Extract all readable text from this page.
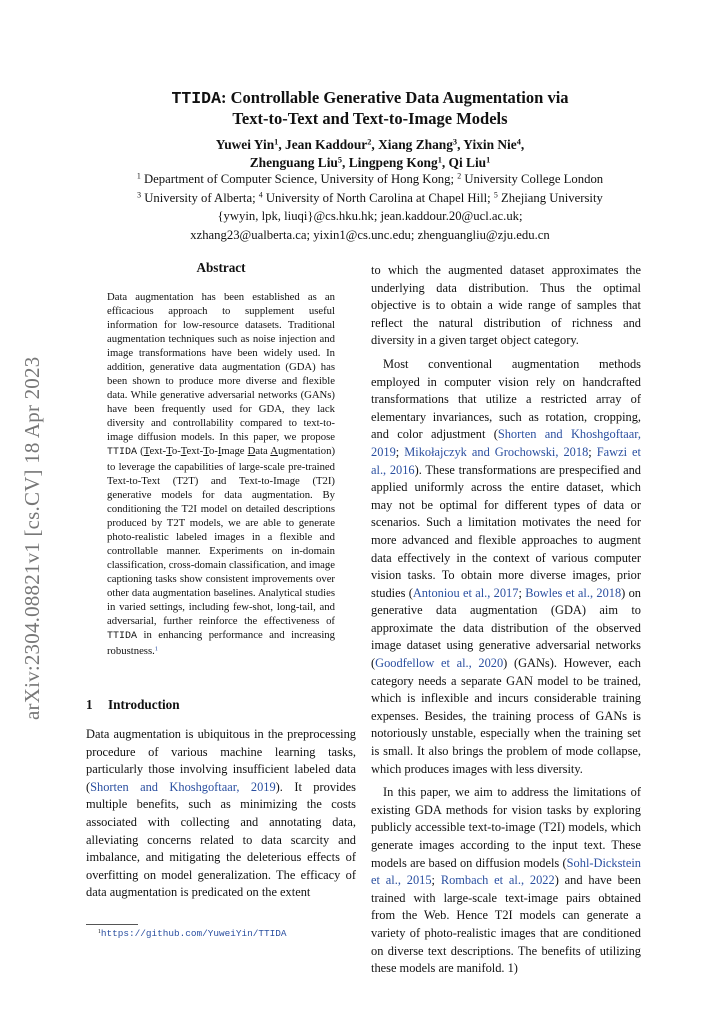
arXiv:2304.08821v1 [cs.CV] 18 Apr 2023
TTIDA: Controllable Generative Data Augmentation via
Text-to-Text and Text-to-Image Models
Yuwei Yin$^1$, Jean Kaddour$^2$, Xiang Zhang$^3$, Yixin Nie$^4$,
Zhenguang Liu$^5$, Lingpeng Kong$^1$, Qi Liu$^1$
$^1$ Department of Computer Science, University of Hong Kong; $^2$ University College London
$^3$ University of Alberta; $^4$ University of North Carolina at Chapel Hill; $^5$ Zhejiang University
{ywyin, lpk, liuqi}@cs.hku.hk; jean.kaddour.20@ucl.ac.uk;
xzhang23@ualberta.ca; yixin1@cs.unc.edu; zhenguangliu@zju.edu.cn
Abstract
Data augmentation has been established as an efficacious approach to supplement useful information for low-resource datasets. Traditional augmentation techniques such as noise injection and image transformations have been widely used. In addition, generative data augmentation (GDA) has been shown to produce more diverse and flexible data. While generative adversarial networks (GANs) have been frequently used for GDA, they lack diversity and controllability compared to text-to-image diffusion models. In this paper, we propose TTIDA (Text-To-Text-To-Image Data Augmentation) to leverage the capabilities of large-scale pre-trained Text-to-Text (T2T) and Text-to-Image (T2I) generative models for data augmentation. By conditioning the T2I model on detailed descriptions produced by T2T models, we are able to generate photo-realistic labeled images in a flexible and controllable manner. Experiments on in-domain classification, cross-domain classification, and image captioning tasks show consistent improvements over other data augmentation baselines. Analytical studies in varied settings, including few-shot, long-tail, and adversarial, further reinforce the effectiveness of TTIDA in enhancing performance and increasing robustness.$^1$
1 Introduction

Data augmentation is ubiquitous in the preprocessing procedure of various machine learning tasks, particularly those involving insufficient labeled data (Shorten and Khoshgoftaar, 2019). It provides multiple benefits, such as minimizing the costs associated with collecting and annotating data, alleviating concerns related to data scarcity and imbalance, and mitigating the deleterious effects of overfitting on model generalization. The efficacy of data augmentation is predicated on the extent

to which the augmented dataset approximates the underlying data distribution. Thus the optimal objective is to obtain a wide range of samples that reflect the natural distribution of richness and diversity in a given target object category.

Most conventional augmentation methods employed in computer vision rely on handcrafted transformations that utilize a restricted array of elementary invariances, such as rotation, cropping, and color adjustment (Shorten and Khoshgoftaar, 2019; Mikołajczyk and Grochowski, 2018; Fawzi et al., 2016). These transformations are prespecified and applied uniformly across the entire dataset, which may not be optimal for different types of data or scenarios. Such a limitation motivates the need for more advanced and flexible approaches to augment data effectively in the context of various computer vision tasks. To obtain more diverse images, prior studies (Antoniou et al., 2017; Bowles et al., 2018) on generative data augmentation (GDA) aim to approximate the data distribution of the observed image dataset using generative adversarial networks (Goodfellow et al., 2020) (GANs). However, each category needs a separate GAN model to be trained, which is inflexible and incurs considerable training expenses. Besides, the training process of GANs is notoriously unstable, especially when the training set is small. It also brings the problem of mode collapse, which produces images with less diversity.

In this paper, we aim to address the limitations of existing GDA methods for vision tasks by exploring publicly accessible text-to-image (T2I) models, which generate images according to the input text. These models are based on diffusion models (Sohl-Dickstein et al., 2015; Rombach et al., 2022) and have been trained with large-scale text-image pairs obtained from the Web. Hence T2I models can generate a variety of photo-realistic images that are conditioned on diverse text descriptions. The benefits of utilizing these models are manifold. 1)

$^1$https://github.com/YuweiYin/TTIDA
